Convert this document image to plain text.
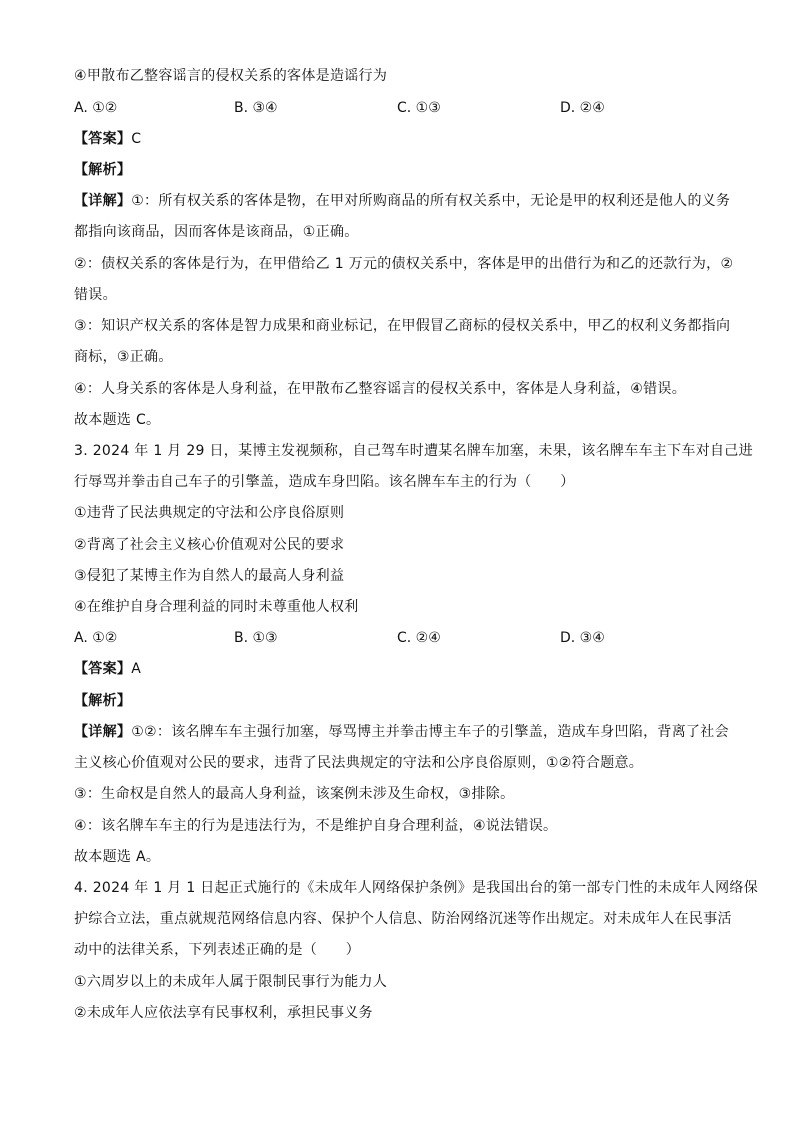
④甲散布乙整容谣言的侵权关系的客体是造谣行为
A. ①②	B. ③④	C. ①③	D. ②④
【答案】C
【解析】
【详解】①：所有权关系的客体是物，在甲对所购商品的所有权关系中，无论是甲的权利还是他人的义务
都指向该商品，因而客体是该商品，①正确。
②：债权关系的客体是行为，在甲借给乙 1 万元的债权关系中，客体是甲的出借行为和乙的还款行为，②
错误。
③：知识产权关系的客体是智力成果和商业标记，在甲假冒乙商标的侵权关系中，甲乙的权利义务都指向
商标，③正确。
④：人身关系的客体是人身利益，在甲散布乙整容谣言的侵权关系中，客体是人身利益，④错误。
故本题选 C。
3. 2024 年 1 月 29 日，某博主发视频称，自己驾车时遭某名牌车加塞，未果，该名牌车车主下车对自己进
行辱骂并拳击自己车子的引擎盖，造成车身凹陷。该名牌车车主的行为（　　）
①违背了民法典规定的守法和公序良俗原则
②背离了社会主义核心价值观对公民的要求
③侵犯了某博主作为自然人的最高人身利益
④在维护自身合理利益的同时未尊重他人权利
A. ①②	B. ①③	C. ②④	D. ③④
【答案】A
【解析】
【详解】①②：该名牌车车主强行加塞，辱骂博主并拳击博主车子的引擎盖，造成车身凹陷，背离了社会
主义核心价值观对公民的要求，违背了民法典规定的守法和公序良俗原则，①②符合题意。
③：生命权是自然人的最高人身利益，该案例未涉及生命权，③排除。
④：该名牌车车主的行为是违法行为，不是维护自身合理利益，④说法错误。
故本题选 A。
4. 2024 年 1 月 1 日起正式施行的《未成年人网络保护条例》是我国出台的第一部专门性的未成年人网络保
护综合立法，重点就规范网络信息内容、保护个人信息、防治网络沉迷等作出规定。对未成年人在民事活
动中的法律关系，下列表述正确的是（　　）
①六周岁以上的未成年人属于限制民事行为能力人
②未成年人应依法享有民事权利，承担民事义务
